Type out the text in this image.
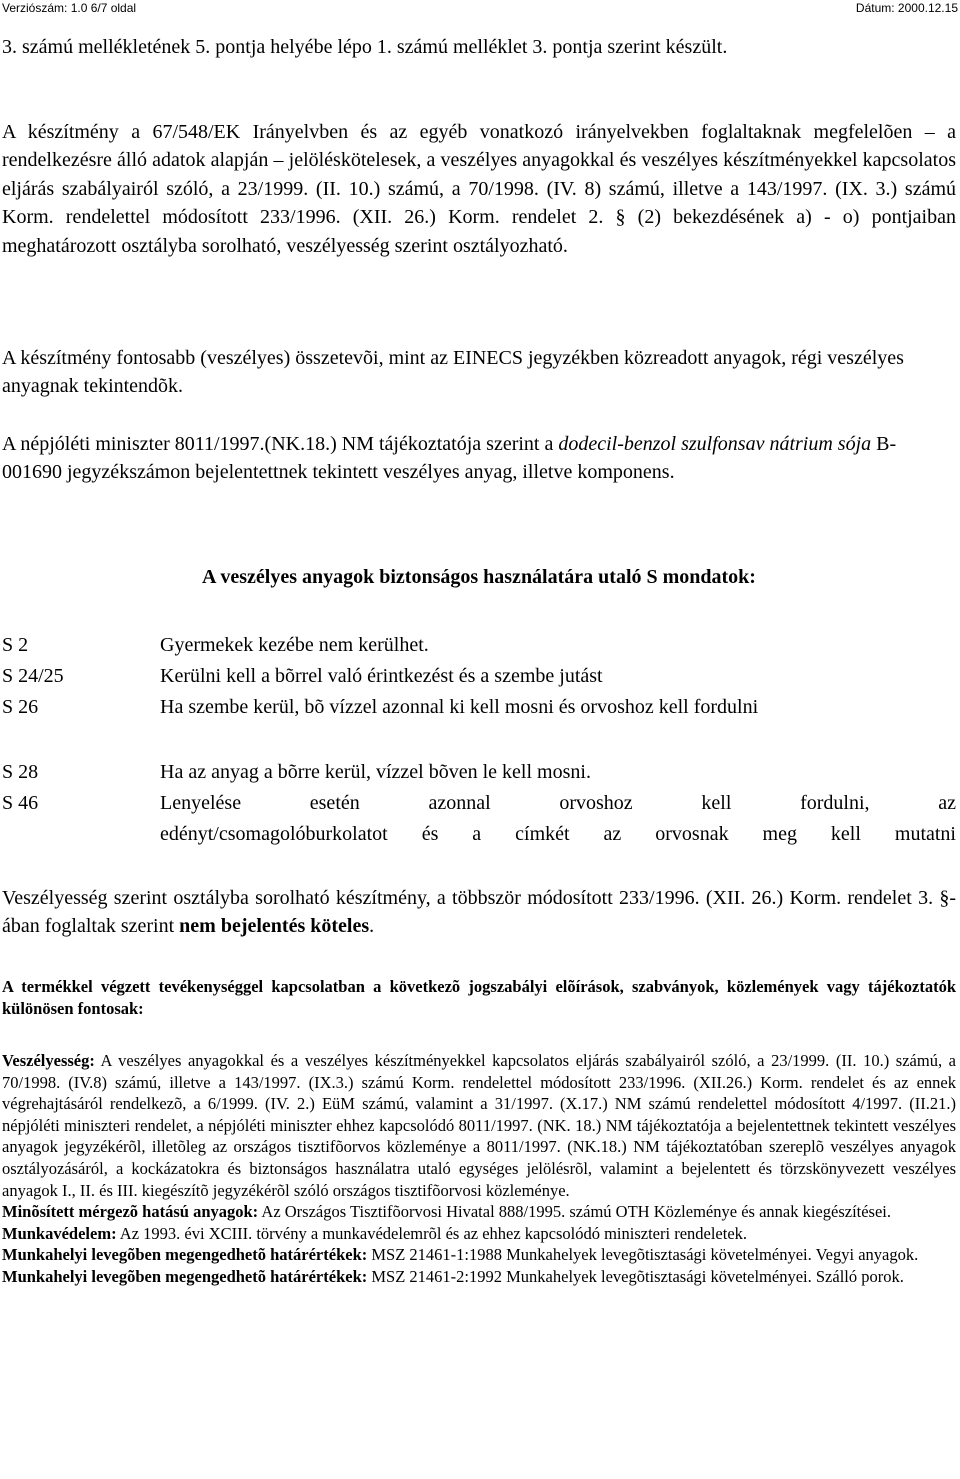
Verziószám: 1.0 6/7 oldal	Dátum: 2000.12.15
3. számú mellékletének 5. pontja helyébe lépo 1. számú melléklet 3. pontja szerint készült.
A készítmény a 67/548/EK Irányelvben és az egyéb vonatkozó irányelvekben foglaltaknak megfelelõen – a rendelkezésre álló adatok alapján – jelöléskötelesek, a veszélyes anyagokkal és veszélyes készítményekkel kapcsolatos eljárás szabályairól szóló, a 23/1999. (II. 10.) számú, a 70/1998. (IV. 8) számú, illetve a 143/1997. (IX. 3.) számú Korm. rendelettel módosított 233/1996. (XII. 26.) Korm. rendelet 2. § (2) bekezdésének a) - o) pontjaiban meghatározott osztályba sorolható, veszélyesség szerint osztályozható.
A készítmény fontosabb (veszélyes) összetevõi, mint az EINECS jegyzékben közreadott anyagok, régi veszélyes anyagnak tekintendõk.
A népjóléti miniszter 8011/1997.(NK.18.) NM tájékoztatója szerint a dodecil-benzol szulfonsav nátrium sója B-001690 jegyzékszámon bejelentettnek tekintett veszélyes anyag, illetve komponens.
A veszélyes anyagok biztonságos használatára utaló S mondatok:
S 2	Gyermekek kezébe nem kerülhet.
S 24/25	Kerülni kell a bõrrel való érintkezést és a szembe jutást
S 26	Ha szembe kerül, bõ vízzel azonnal ki kell mosni és orvoshoz kell fordulni
S 28	Ha az anyag a bõrre kerül, vízzel bõven le kell mosni.
S 46	Lenyelése esetén azonnal orvoshoz kell fordulni, az
edényt/csomagolóburkolatot és a címkét az orvosnak meg kell mutatni
Veszélyesség szerint osztályba sorolható készítmény, a többször módosított 233/1996. (XII. 26.) Korm. rendelet 3. §-ában foglaltak szerint nem bejelentés köteles.
A termékkel végzett tevékenységgel kapcsolatban a következõ jogszabályi elõírások, szabványok, közlemények vagy tájékoztatók különösen fontosak:
Veszélyesség: A veszélyes anyagokkal és a veszélyes készítményekkel kapcsolatos eljárás szabályairól szóló, a 23/1999. (II. 10.) számú, a 70/1998. (IV.8) számú, illetve a 143/1997. (IX.3.) számú Korm. rendelettel módosított 233/1996. (XII.26.) Korm. rendelet és az ennek végrehajtásáról rendelkezõ, a 6/1999. (IV. 2.) EüM számú, valamint a 31/1997. (X.17.) NM számú rendelettel módosított 4/1997. (II.21.) népjóléti miniszteri rendelet, a népjóléti miniszter ehhez kapcsolódó 8011/1997. (NK. 18.) NM tájékoztatója a bejelentettnek tekintett veszélyes anyagok jegyzékérõl, illetõleg az országos tisztifõorvos közleménye a 8011/1997. (NK.18.) NM tájékoztatóban szereplõ veszélyes anyagok osztályozásáról, a kockázatokra és biztonságos használatra utaló egységes jelölésrõl, valamint a bejelentett és törzskönyvezett veszélyes anyagok I., II. és III. kiegészítõ jegyzékérõl szóló országos tisztifõorvosi közleménye.
Minõsített mérgezõ hatású anyagok: Az Országos Tisztifõorvosi Hivatal 888/1995. számú OTH Közleménye és annak kiegészítései.
Munkavédelem: Az 1993. évi XCIII. törvény a munkavédelemrõl és az ehhez kapcsolódó miniszteri rendeletek.
Munkahelyi levegõben megengedhetõ határértékek: MSZ 21461-1:1988 Munkahelyek levegõtisztasági követelményei. Vegyi anyagok.
Munkahelyi levegõben megengedhetõ határértékek: MSZ 21461-2:1992 Munkahelyek levegõtisztasági követelményei. Szálló porok.
